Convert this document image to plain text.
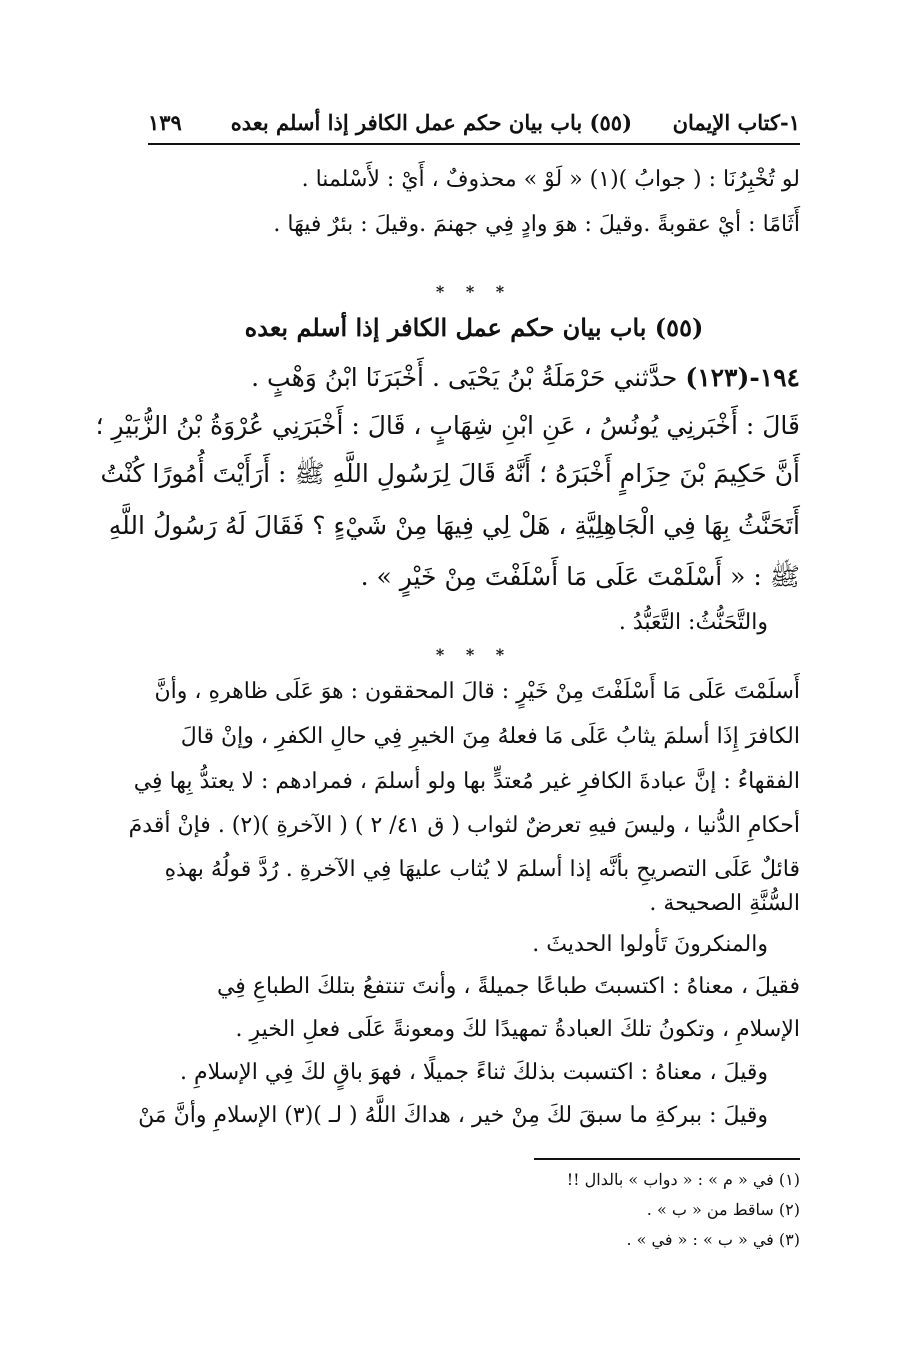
١-كتاب الإيمان
(٥٥) باب بيان حكم عمل الكافر إذا أسلم بعده
١٣٩
لو تُخْبِرُنَا : ( جوابُ )(١) « لَوْ » محذوفٌ ، أَيْ : لأَسْلمنا .
أَثَامًا : أيْ عقوبةً .وقيلَ : هوَ وادٍ فِي جهنمَ .وقيلَ : بئرٌ فيهَا .
* * *
(٥٥) باب بيان حكم عمل الكافر إذا أسلم بعده
١٩٤-(١٢٣) حدَّثني حَرْمَلَةُ بْنُ يَحْيَى . أَخْبَرَنَا ابْنُ وَهْبٍ .
قَالَ : أَخْبَرنِي يُونُسُ ، عَنِ ابْنِ شِهَابٍ ، قَالَ : أَخْبَرَنِي عُرْوَةُ بْنُ الزُّبَيْرِ ؛
أَنَّ حَكِيمَ بْنَ حِزَامٍ أَخْبَرَهُ ؛ أَنَّهُ قَالَ لِرَسُولِ اللَّهِ ﷺ : أَرَأَيْتَ أُمُورًا كُنْتُ
أَتَحَنَّثُ بِهَا فِي الْجَاهِلِيَّةِ ، هَلْ لِي فِيهَا مِنْ شَيْءٍ ؟ فَقَالَ لَهُ رَسُولُ اللَّهِ
ﷺ : « أَسْلَمْتَ عَلَى مَا أَسْلَفْتَ مِنْ خَيْرٍ » .
والتَّحَنُّثُ: التَّعَبُّدُ .
* * *
أَسلَمْتَ عَلَى مَا أَسْلَفْتَ مِنْ خَيْرٍ : قالَ المحققون : هوَ عَلَى ظاهرهِ ، وأنَّ
الكافرَ إِذَا أسلمَ يثابُ عَلَى مَا فعلهُ مِنَ الخيرِ فِي حالِ الكفرِ ، وإنْ قالَ
الفقهاءُ : إنَّ عبادةَ الكافرِ غير مُعتدٍّ بها ولو أسلمَ ، فمرادهم : لا يعتدُّ بِها فِي
أحكامِ الدُّنيا ، وليسَ فيهِ تعرضٌ لثواب ( ق ٤١/ ٢ ) ( الآخرةِ )(٢) . فإنْ أقدمَ
قائلٌ عَلَى التصريحِ بأنَّه إذا أسلمَ لا يُثاب عليهَا فِي الآخرةِ . رُدَّ قولُهُ بهذهِ
السُّنَّةِ الصحيحة .
والمنكرونَ تَأولوا الحديثَ .
فقيلَ ، معناهُ : اكتسبتَ طباعًا جميلةً ، وأنتَ تنتفعُ بتلكَ الطباعِ فِي
الإسلامِ ، وتكونُ تلكَ العبادةُ تمهيدًا لكَ ومعونةً عَلَى فعلِ الخيرِ .
وقيلَ ، معناهُ : اكتسبت بذلكَ ثناءً جميلًا ، فهوَ باقٍ لكَ فِي الإسلامِ .
وقيلَ : ببركةِ ما سبقَ لكَ مِنْ خير ، هداكَ اللَّهُ ( لـ )(٣) الإسلامِ وأنَّ مَنْ
(١) في « م » : « دواب » بالدال !!
(٢) ساقط من « ب » .
(٣) في « ب » : « في » .
